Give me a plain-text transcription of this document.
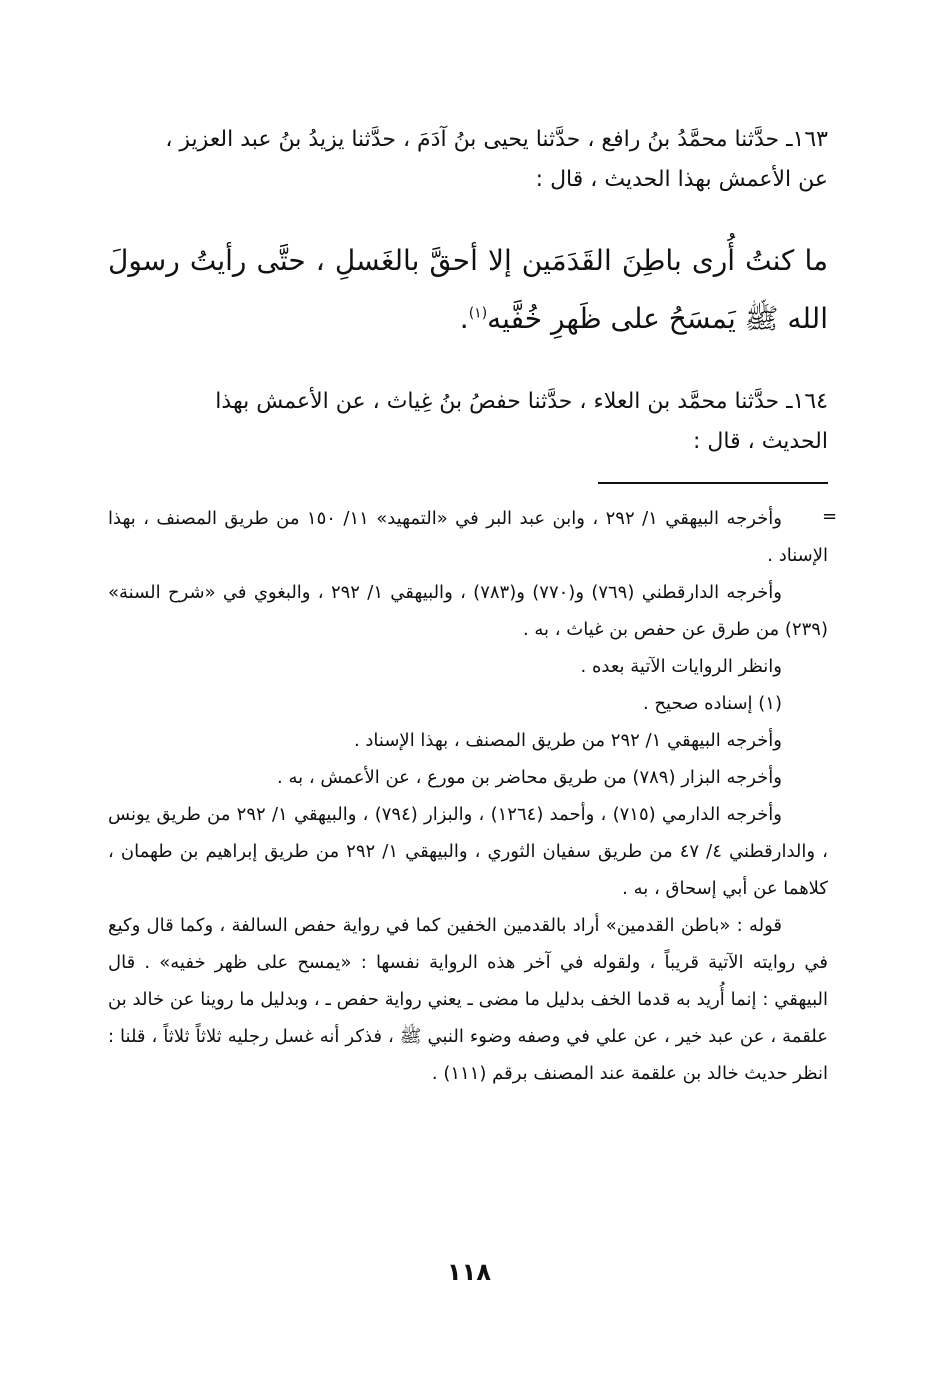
١٦٣ـ حدَّثنا محمَّدُ بنُ رافع ، حدَّثنا يحيى بنُ آدَمَ ، حدَّثنا يزيدُ بنُ عبد العزيز ،
عن الأعمش بهذا الحديث ، قال :
ما كنتُ أُرى باطِنَ القَدَمَين إلا أحقَّ بالغَسلِ ، حتَّى رأيتُ رسولَ الله ﷺ يَمسَحُ على ظَهرِ خُفَّيه$^{(١)}$.
١٦٤ـ حدَّثنا محمَّد بن العلاء ، حدَّثنا حفصُ بنُ غِياث ، عن الأعمش بهذا
الحديث ، قال :
=

وأخرجه البيهقي ١/ ٢٩٢ ، وابن عبد البر في «التمهيد» ١١/ ١٥٠ من طريق المصنف ، بهذا الإسناد .

وأخرجه الدارقطني (٧٦٩) و(٧٧٠) و(٧٨٣) ، والبيهقي ١/ ٢٩٢ ، والبغوي في «شرح السنة» (٢٣٩) من طرق عن حفص بن غياث ، به .

وانظر الروايات الآتية بعده .

(١) إسناده صحيح .

وأخرجه البيهقي ١/ ٢٩٢ من طريق المصنف ، بهذا الإسناد .

وأخرجه البزار (٧٨٩) من طريق محاضر بن مورع ، عن الأعمش ، به .

وأخرجه الدارمي (٧١٥) ، وأحمد (١٢٦٤) ، والبزار (٧٩٤) ، والبيهقي ١/ ٢٩٢ من طريق يونس ، والدارقطني ٤/ ٤٧ من طريق سفيان الثوري ، والبيهقي ١/ ٢٩٢ من طريق إبراهيم بن طهمان ، كلاهما عن أبي إسحاق ، به .

قوله : «باطن القدمين» أراد بالقدمين الخفين كما في رواية حفص السالفة ، وكما قال وكيع في روايته الآتية قريباً ، ولقوله في آخر هذه الرواية نفسها : «يمسح على ظهر خفيه» . قال البيهقي : إنما أُريد به قدما الخف بدليل ما مضى ـ يعني رواية حفص ـ ، وبدليل ما روينا عن خالد بن علقمة ، عن عبد خير ، عن علي في وصفه وضوء النبي ﷺ ، فذكر أنه غسل رجليه ثلاثاً ثلاثاً ، قلنا : انظر حديث خالد بن علقمة عند المصنف برقم (١١١) .

١١٨
